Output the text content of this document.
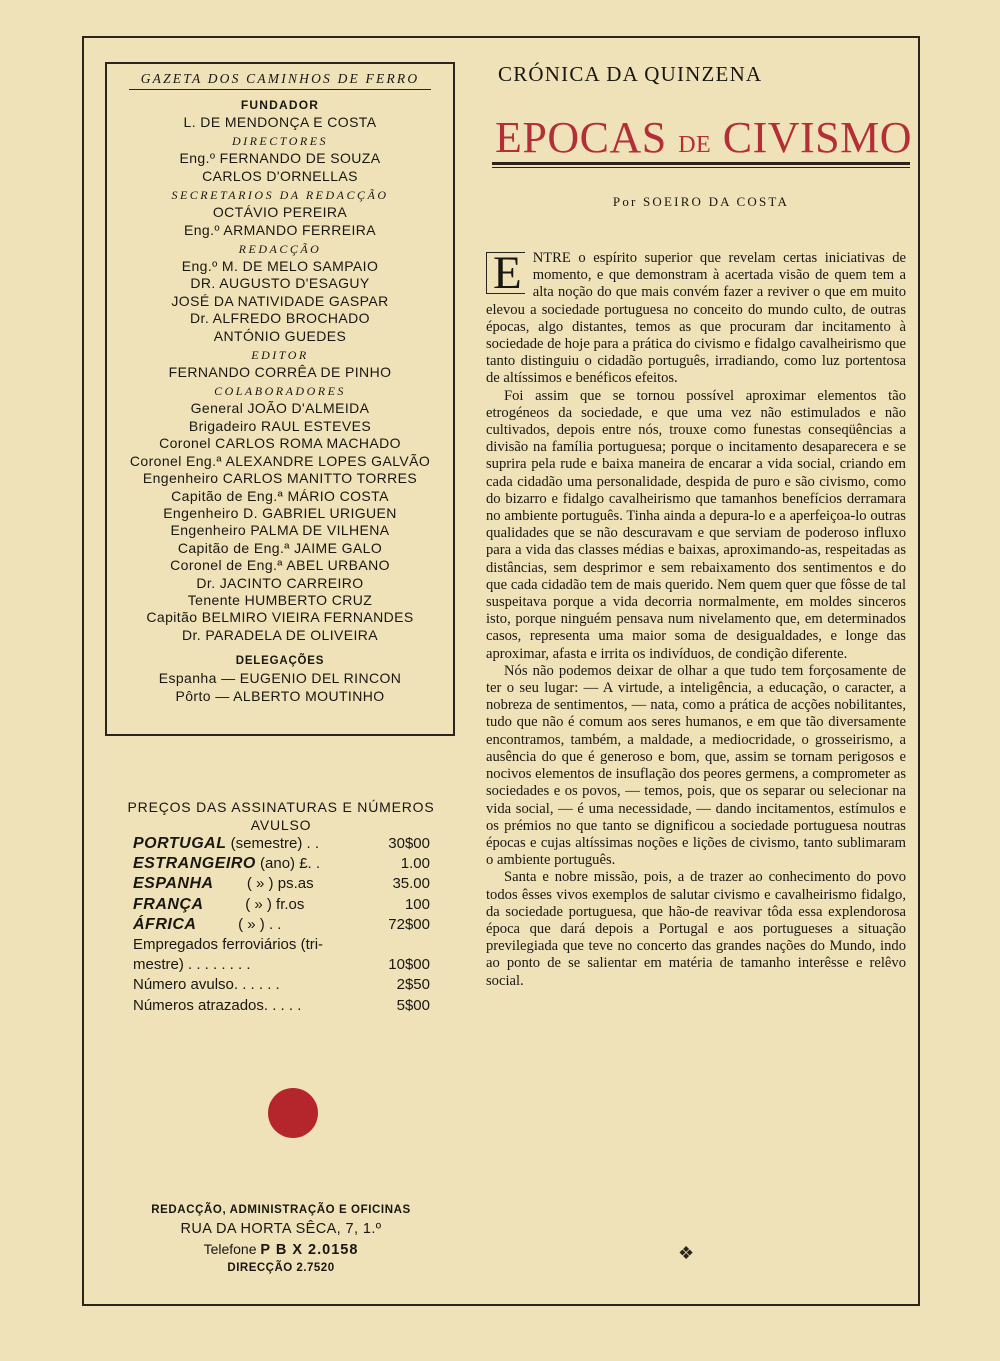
GAZETA DOS CAMINHOS DE FERRO
FUNDADOR
L. DE MENDONÇA E COSTA
DIRECTORES
Eng.º FERNANDO DE SOUZA
CARLOS D'ORNELLAS
SECRETARIOS DA REDACÇÃO
OCTÁVIO PEREIRA
Eng.º ARMANDO FERREIRA
REDACÇÃO
Eng.º M. DE MELO SAMPAIO
DR. AUGUSTO D'ESAGUY
JOSÉ DA NATIVIDADE GASPAR
Dr. ALFREDO BROCHADO
ANTÓNIO GUEDES
EDITOR
FERNANDO CORRÊA DE PINHO
COLABORADORES
General JOÃO D'ALMEIDA
Brigadeiro RAUL ESTEVES
Coronel CARLOS ROMA MACHADO
Coronel Eng.ª ALEXANDRE LOPES GALVÃO
Engenheiro CARLOS MANITTO TORRES
Capitão de Eng.ª MÁRIO COSTA
Engenheiro D. GABRIEL URIGUEN
Engenheiro PALMA DE VILHENA
Capitão de Eng.ª JAIME GALO
Coronel de Eng.ª ABEL URBANO
Dr. JACINTO CARREIRO
Tenente HUMBERTO CRUZ
Capitão BELMIRO VIEIRA FERNANDES
Dr. PARADELA DE OLIVEIRA
DELEGAÇÕES
Espanha — EUGENIO DEL RINCON
Pôrto — ALBERTO MOUTINHO
PREÇOS DAS ASSINATURAS E NÚMEROS
AVULSO
PORTUGAL (semestre) . .	30$00
ESTRANGEIRO (ano) £. .	1.00
ESPANHA        ( » ) ps.as	35.00
FRANÇA          ( » ) fr.os	100
ÁFRICA          ( » ) . .	72$00
Empregados ferroviários (tri-
mestre) . . . . . . . .	10$00
Número avulso. . . . . .	2$50
Números atrazados. . . . .	5$00
REDACÇÃO, ADMINISTRAÇÃO E OFICINAS
RUA DA HORTA SÊCA, 7, 1.º
Telefone P B X 2.0158
DIRECÇÃO 2.7520
CRÓNICA DA QUINZENA
EPOCAS DE CIVISMO
Por SOEIRO DA COSTA

E NTRE o espírito superior que revelam certas iniciativas de momento, e que demonstram à acertada visão de quem tem a alta noção do que mais convém fazer a reviver o que em muito elevou a sociedade portuguesa no conceito do mundo culto, de outras épocas, algo distantes, temos as que procuram dar incitamento à sociedade de hoje para a prática do civismo e fidalgo cavalheirismo que tanto distinguiu o cidadão português, irradiando, como luz portentosa de altíssimos e benéficos efeitos.

Foi assim que se tornou possível aproximar elementos tão etrogéneos da sociedade, e que uma vez não estimulados e não cultivados, depois entre nós, trouxe como funestas conseqüências a divisão na família portuguesa; porque o incitamento desaparecera e se suprira pela rude e baixa maneira de encarar a vida social, criando em cada cidadão uma personalidade, despida de puro e são civismo, como do bizarro e fidalgo cavalheirismo que tamanhos benefícios derramara no ambiente português. Tinha ainda a depura-lo e a aperfeiçoa-lo outras qualidades que se não descuravam e que serviam de poderoso influxo para a vida das classes médias e baixas, aproximando-as, respeitadas as distâncias, sem desprimor e sem rebaixamento dos sentimentos e do que cada cidadão tem de mais querido. Nem quem quer que fôsse de tal suspeitava porque a vida decorria normalmente, em moldes sinceros isto, porque ninguém pensava num nivelamento que, em determinados casos, representa uma maior soma de desigualdades, e longe das aproximar, afasta e irrita os indivíduos, de condição diferente.

Nós não podemos deixar de olhar a que tudo tem forçosamente de ter o seu lugar: — A virtude, a inteligência, a educação, o caracter, a nobreza de sentimentos, — nata, como a prática de acções nobilitantes, tudo que não é comum aos seres humanos, e em que tão diversamente encontramos, também, a maldade, a mediocridade, o grosseirismo, a ausência do que é generoso e bom, que, assim se tornam perigosos e nocivos elementos de insuflação dos peores germens, a comprometer as sociedades e os povos, — temos, pois, que os separar ou selecionar na vida social, — é uma necessidade, — dando incitamentos, estímulos e os prémios no que tanto se dignificou a sociedade portuguesa noutras épocas e cujas altíssimas noções e lições de civismo, tanto sublimaram o ambiente português.

Santa e nobre missão, pois, a de trazer ao conhecimento do povo todos êsses vivos exemplos de salutar civismo e cavalheirismo fidalgo, da sociedade portuguesa, que hão-de reavivar tôda essa explendorosa época que dará depois a Portugal e aos portugueses a situação previlegiada que teve no concerto das grandes nações do Mundo, indo ao ponto de se salientar em matéria de tamanho interêsse e relêvo social.

❖
